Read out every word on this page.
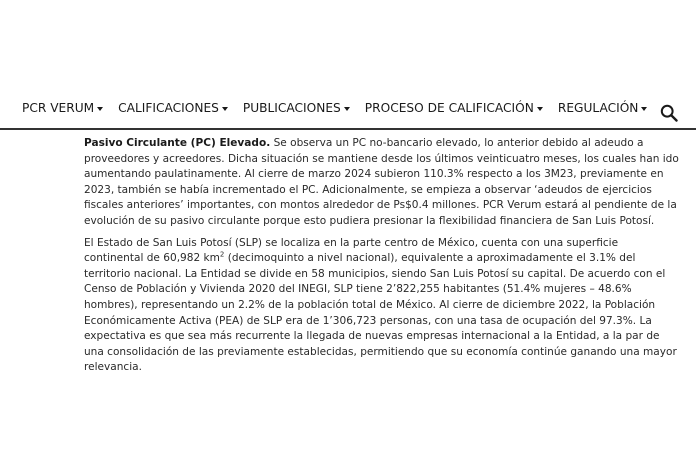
PCR VERUM CALIFICACIONES PUBLICACIONES PROCESO DE CALIFICACIÓN REGULACIÓN

Pasivo Circulante (PC) Elevado. Se observa un PC no-bancario elevado, lo anterior debido al adeudo a proveedores y acreedores. Dicha situación se mantiene desde los últimos veinticuatro meses, los cuales han ido aumentando paulatinamente. Al cierre de marzo 2024 subieron 110.3% respecto a los 3M23, previamente en 2023, también se había incrementado el PC. Adicionalmente, se empieza a observar ‘adeudos de ejercicios fiscales anteriores’ importantes, con montos alrededor de Ps$0.4 millones. PCR Verum estará al pendiente de la evolución de su pasivo circulante porque esto pudiera presionar la flexibilidad financiera de San Luis Potosí.

El Estado de San Luis Potosí (SLP) se localiza en la parte centro de México, cuenta con una superficie continental de 60,982 $km^2$ (decimoquinto a nivel nacional), equivalente a aproximadamente el 3.1% del territorio nacional. La Entidad se divide en 58 municipios, siendo San Luis Potosí su capital. De acuerdo con el Censo de Población y Vivienda 2020 del INEGI, SLP tiene 2’822,255 habitantes (51.4% mujeres – 48.6% hombres), representando un 2.2% de la población total de México. Al cierre de diciembre 2022, la Población Económicamente Activa (PEA) de SLP era de 1’306,723 personas, con una tasa de ocupación del 97.3%. La expectativa es que sea más recurrente la llegada de nuevas empresas internacional a la Entidad, a la par de una consolidación de las previamente establecidas, permitiendo que su economía continúe ganando una mayor relevancia.
